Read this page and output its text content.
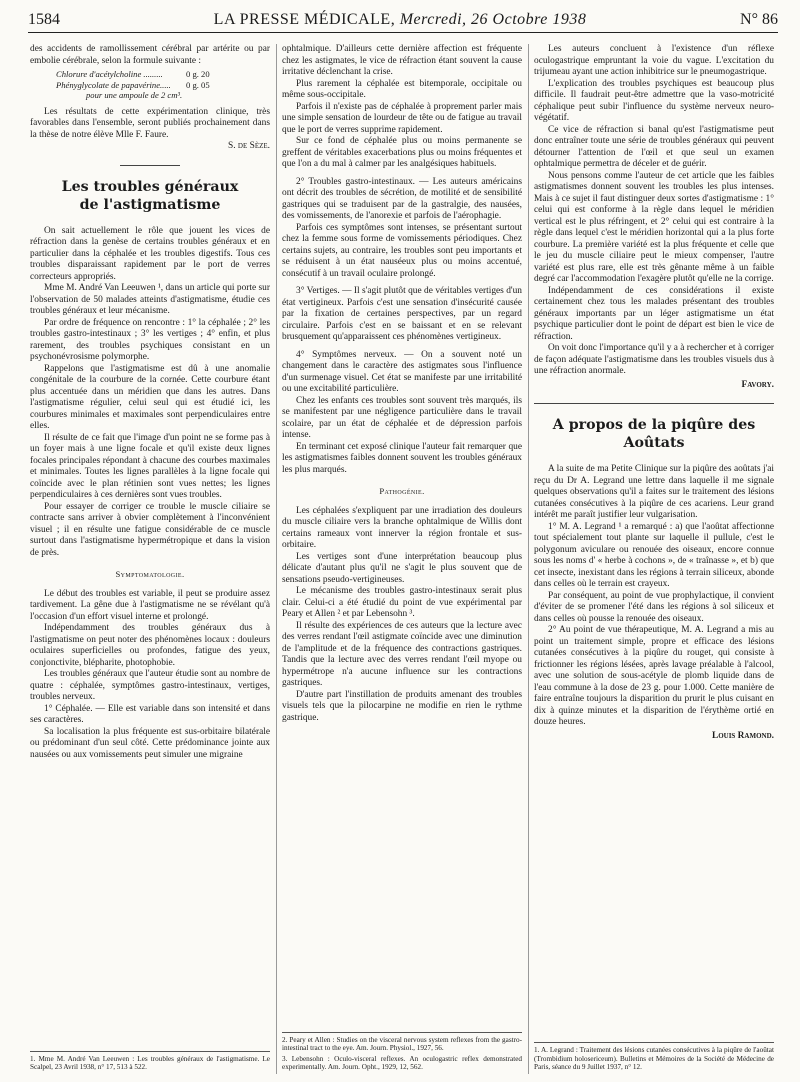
1584	LA PRESSE MÉDICALE, Mercredi, 26 Octobre 1938	N° 86

des accidents de ramollissement cérébral par artérite ou par embolie cérébrale, selon la formule suivante :

Chlorure d'acétylcholine .........	0 g. 20
Phényglycolate de papavérine.....	0 g. 05
pour une ampoule de 2 cm³.

Les résultats de cette expérimentation clinique, très favorables dans l'ensemble, seront publiés prochainement dans la thèse de notre élève Mlle F. Faure.

S. de Sèze.
Les troubles généraux
de l'astigmatisme

On sait actuellement le rôle que jouent les vices de réfraction dans la genèse de certains troubles généraux et en particulier dans la céphalée et les troubles digestifs. Tous ces troubles disparaissant rapidement par le port de verres correcteurs appropriés.

Mme M. André Van Leeuwen ¹, dans un article qui porte sur l'observation de 50 malades atteints d'astigmatisme, étudie ces troubles généraux et leur mécanisme.

Par ordre de fréquence on rencontre : 1° la céphalée ; 2° les troubles gastro-intestinaux ; 3° les vertiges ; 4° enfin, et plus rarement, des troubles psychiques consistant en un psychonévrosisme polymorphe.

Rappelons que l'astigmatisme est dû à une anomalie congénitale de la courbure de la cornée. Cette courbure étant plus accentuée dans un méridien que dans les autres. Dans l'astigmatisme régulier, celui seul qui est étudié ici, les courbures minimales et maximales sont perpendiculaires entre elles.

Il résulte de ce fait que l'image d'un point ne se forme pas à un foyer mais à une ligne focale et qu'il existe deux lignes focales principales répondant à chacune des courbes maximales et minimales. Toutes les lignes parallèles à la ligne focale qui coïncide avec le plan rétinien sont vues nettes; les lignes perpendiculaires à ces dernières sont vues troubles.

Pour essayer de corriger ce trouble le muscle ciliaire se contracte sans arriver à obvier complètement à l'inconvénient visuel ; il en résulte une fatigue considérable de ce muscle surtout dans l'astigmatisme hypermétropique et dans la vision de près.

Symptomatologie.

Le début des troubles est variable, il peut se produire assez tardivement. La gêne due à l'astigmatisme ne se révélant qu'à l'occasion d'un effort visuel interne et prolongé.

Indépendamment des troubles généraux dus à l'astigmatisme on peut noter des phénomènes locaux : douleurs oculaires superficielles ou profondes, fatigue des yeux, conjonctivite, blépharite, photophobie.

Les troubles généraux que l'auteur étudie sont au nombre de quatre : céphalée, symptômes gastro-intestinaux, vertiges, troubles nerveux.

1° Céphalée. — Elle est variable dans son intensité et dans ses caractères.

Sa localisation la plus fréquente est sus-orbitaire bilatérale ou prédominant d'un seul côté. Cette prédominance jointe aux nausées ou aux vomissements peut simuler une migraine

1. Mme M. André Van Leeuwen : Les troubles généraux de l'astigmatisme. Le Scalpel, 23 Avril 1938, n° 17, 513 à 522.

ophtalmique. D'ailleurs cette dernière affection est fréquente chez les astigmates, le vice de réfraction étant souvent la cause irritative déclenchant la crise.

Plus rarement la céphalée est bitemporale, occipitale ou même sous-occipitale.

Parfois il n'existe pas de céphalée à proprement parler mais une simple sensation de lourdeur de tête ou de fatigue au travail que le port de verres supprime rapidement.

Sur ce fond de céphalée plus ou moins permanente se greffent de véritables exacerbations plus ou moins fréquentes et que l'on a du mal à calmer par les analgésiques habituels.

2° Troubles gastro-intestinaux. — Les auteurs américains ont décrit des troubles de sécrétion, de motilité et de sensibilité gastriques qui se traduisent par de la gastralgie, des nausées, des vomissements, de l'anorexie et parfois de l'aérophagie.

Parfois ces symptômes sont intenses, se présentant surtout chez la femme sous forme de vomissements périodiques. Chez certains sujets, au contraire, les troubles sont peu importants et se réduisent à un état nauséeux plus ou moins accentué, consécutif à un travail oculaire prolongé.

3° Vertiges. — Il s'agit plutôt que de véritables vertiges d'un état vertigineux. Parfois c'est une sensation d'insécurité causée par la fixation de certaines perspectives, par un regard circulaire. Parfois c'est en se baissant et en se relevant brusquement qu'apparaissent ces phénomènes vertigineux.

4° Symptômes nerveux. — On a souvent noté un changement dans le caractère des astigmates sous l'influence d'un surmenage visuel. Cet état se manifeste par une irritabilité ou une excitabilité particulière.

Chez les enfants ces troubles sont souvent très marqués, ils se manifestent par une négligence particulière dans le travail scolaire, par un état de céphalée et de dépression parfois intense.

En terminant cet exposé clinique l'auteur fait remarquer que les astigmatismes faibles donnent souvent les troubles généraux les plus marqués.

Pathogénie.

Les céphalées s'expliquent par une irradiation des douleurs du muscle ciliaire vers la branche ophtalmique de Willis dont certains rameaux vont innerver la région frontale et sus-orbitaire.

Les vertiges sont d'une interprétation beaucoup plus délicate d'autant plus qu'il ne s'agit le plus souvent que de sensations pseudo-vertigineuses.

Le mécanisme des troubles gastro-intestinaux serait plus clair. Celui-ci a été étudié du point de vue expérimental par Peary et Allen ² et par Lebensohn ³.

Il résulte des expériences de ces auteurs que la lecture avec des verres rendant l'œil astigmate coïncide avec une diminution de l'amplitude et de la fréquence des contractions gastriques. Tandis que la lecture avec des verres rendant l'œil myope ou hypermétrope n'a aucune influence sur les contractions gastriques.

D'autre part l'instillation de produits amenant des troubles visuels tels que la pilocarpine ne modifie en rien le rythme gastrique.

2. Peary et Allen : Studies on the visceral nervous system reflexes from the gastro-intestinal tract to the eye. Am. Journ. Physiol., 1927, 56.

3. Lebensohn : Oculo-visceral reflexes. An oculogastric reflex demonstrated experimentally. Am. Journ. Opht., 1929, 12, 562.

Les auteurs concluent à l'existence d'un réflexe oculogastrique empruntant la voie du vague. L'excitation du trijumeau ayant une action inhibitrice sur le pneumogastrique.

L'explication des troubles psychiques est beaucoup plus difficile. Il faudrait peut-être admettre que la vaso-motricité céphalique peut subir l'influence du système nerveux neuro-végétatif.

Ce vice de réfraction si banal qu'est l'astigmatisme peut donc entraîner toute une série de troubles généraux qui peuvent détourner l'attention de l'œil et que seul un examen ophtalmique permettra de déceler et de guérir.

Nous pensons comme l'auteur de cet article que les faibles astigmatismes donnent souvent les troubles les plus intenses. Mais à ce sujet il faut distinguer deux sortes d'astigmatisme : 1° celui qui est conforme à la règle dans lequel le méridien vertical est le plus réfringent, et 2° celui qui est contraire à la règle dans lequel c'est le méridien horizontal qui a la plus forte courbure. La première variété est la plus fréquente et celle que le jeu du muscle ciliaire peut le mieux compenser, l'autre variété est plus rare, elle est très gênante même à un faible degré car l'accommodation l'exagère plutôt qu'elle ne la corrige.

Indépendamment de ces considérations il existe certainement chez tous les malades présentant des troubles généraux importants par un léger astigmatisme un état psychique particulier dont le point de départ est bien le vice de réfraction.

On voit donc l'importance qu'il y a à rechercher et à corriger de façon adéquate l'astigmatisme dans les troubles visuels dus à une réfraction anormale.

Favory.
A propos de la piqûre des Aoûtats

A la suite de ma Petite Clinique sur la piqûre des aoûtats j'ai reçu du Dr A. Legrand une lettre dans laquelle il me signale quelques observations qu'il a faites sur le traitement des lésions cutanées consécutives à la piqûre de ces acariens. Leur grand intérêt me paraît justifier leur vulgarisation.

1° M. A. Legrand ¹ a remarqué : a) que l'aoûtat affectionne tout spécialement tout plante sur laquelle il pullule, c'est le polygonum aviculare ou renouée des oiseaux, encore connue sous les noms d' « herbe à cochons », de « traînasse », et b) que cet insecte, inexistant dans les régions à terrain siliceux, abonde dans celles où le terrain est crayeux.

Par conséquent, au point de vue prophylactique, il convient d'éviter de se promener l'été dans les régions à sol siliceux et dans celles où pousse la renouée des oiseaux.

2° Au point de vue thérapeutique, M. A. Legrand a mis au point un traitement simple, propre et efficace des lésions cutanées consécutives à la piqûre du rouget, qui consiste à frictionner les régions lésées, après lavage préalable à l'alcool, avec une solution de sous-acétyle de plomb liquide dans de l'eau commune à la dose de 23 g. pour 1.000. Cette manière de faire entraîne toujours la disparition du prurit le plus cuisant en dix à quinze minutes et la disparition de l'érythème ortié en douze heures.

Louis Ramond.

1. A. Legrand : Traitement des lésions cutanées consécutives à la piqûre de l'aoûtat (Trombidium holosericeum). Bulletins et Mémoires de la Société de Médecine de Paris, séance du 9 Juillet 1937, n° 12.
